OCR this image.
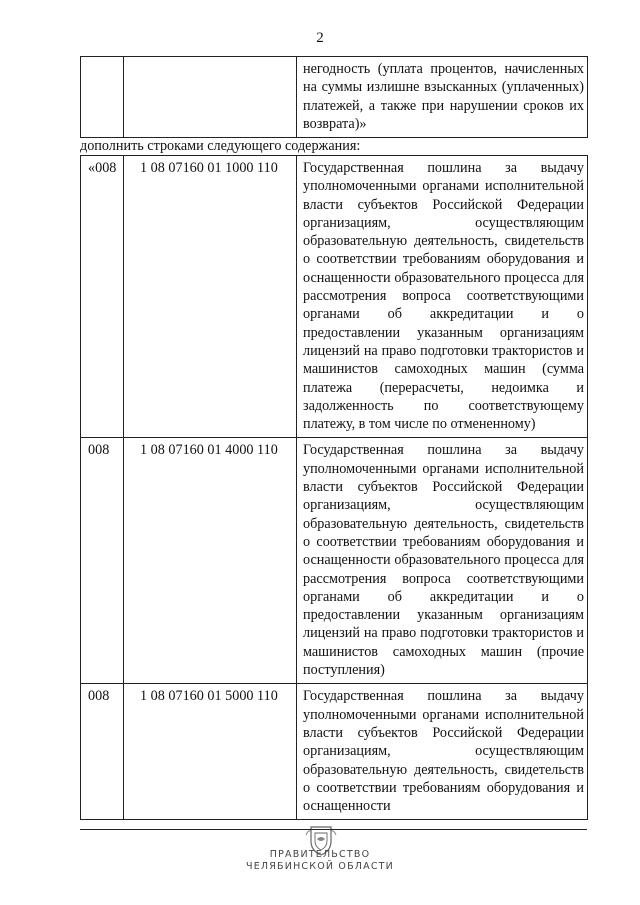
2
		негодность (уплата процентов, начисленных на суммы излишне взысканных (уплаченных) платежей, а также при нарушении сроков их возврата)»
дополнить строками следующего содержания:
«008	1 08 07160 01 1000 110	Государственная пошлина за выдачу уполномоченными органами исполнительной власти субъектов Российской Федерации организациям, осуществляющим образовательную деятельность, свидетельств о соответствии требованиям оборудования и оснащенности образовательного процесса для рассмотрения вопроса соответствующими органами об аккредитации и о предоставлении указанным организациям лицензий на право подготовки трактористов и машинистов самоходных машин (сумма платежа (перерасчеты, недоимка и задолженность по соответствующему платежу, в том числе по отмененному)
008	1 08 07160 01 4000 110	Государственная пошлина за выдачу уполномоченными органами исполнительной власти субъектов Российской Федерации организациям, осуществляющим образовательную деятельность, свидетельств о соответствии требованиям оборудования и оснащенности образовательного процесса для рассмотрения вопроса соответствующими органами об аккредитации и о предоставлении указанным организациям лицензий на право подготовки трактористов и машинистов самоходных машин (прочие поступления)
008	1 08 07160 01 5000 110	Государственная пошлина за выдачу уполномоченными органами исполнительной власти субъектов Российской Федерации организациям, осуществляющим образовательную деятельность, свидетельств о соответствии требованиям оборудования и оснащенности
ПРАВИТЕЛЬСТВО
ЧЕЛЯБИНСКОЙ ОБЛАСТИ
